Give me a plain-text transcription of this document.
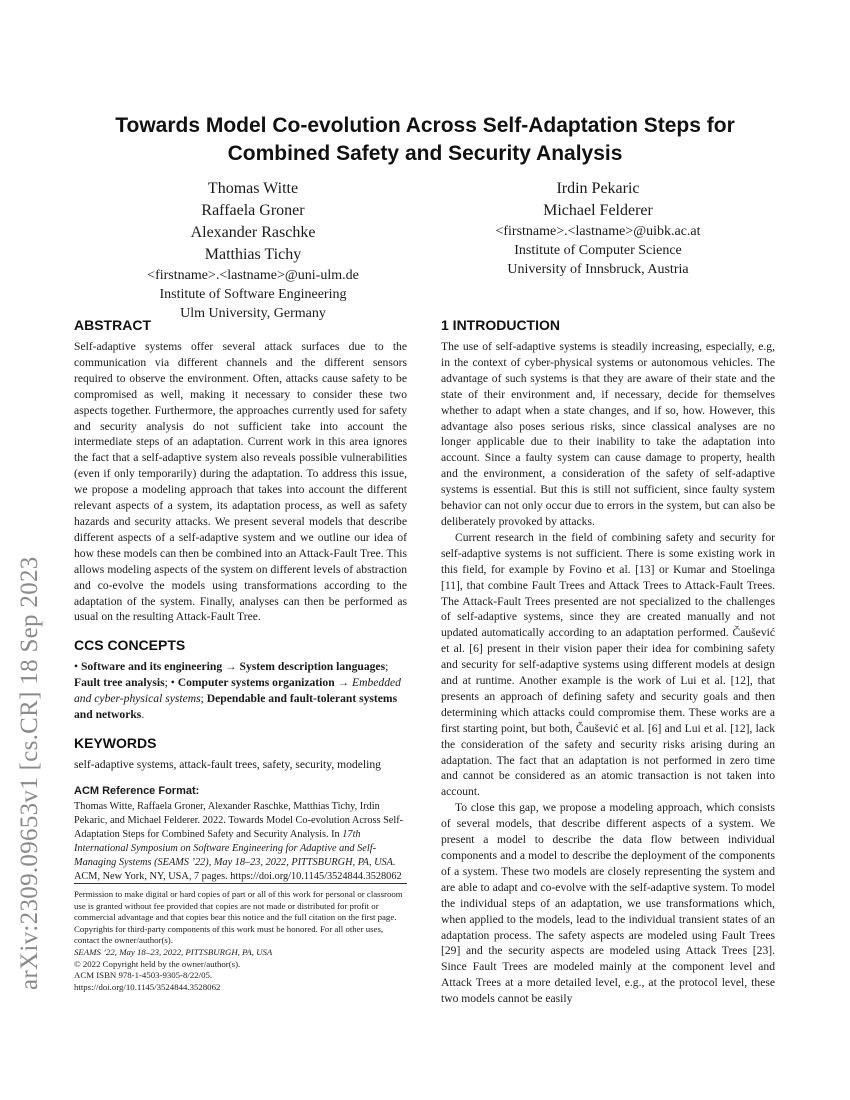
arXiv:2309.09653v1 [cs.CR] 18 Sep 2023
Towards Model Co-evolution Across Self-Adaptation Steps for Combined Safety and Security Analysis
Thomas Witte
Raffaela Groner
Alexander Raschke
Matthias Tichy
<firstname>.<lastname>@uni-ulm.de
Institute of Software Engineering
Ulm University, Germany
Irdin Pekaric
Michael Felderer
<firstname>.<lastname>@uibk.ac.at
Institute of Computer Science
University of Innsbruck, Austria
ABSTRACT

Self-adaptive systems offer several attack surfaces due to the communication via different channels and the different sensors required to observe the environment. Often, attacks cause safety to be compromised as well, making it necessary to consider these two aspects together. Furthermore, the approaches currently used for safety and security analysis do not sufficient take into account the intermediate steps of an adaptation. Current work in this area ignores the fact that a self-adaptive system also reveals possible vulnerabilities (even if only temporarily) during the adaptation. To address this issue, we propose a modeling approach that takes into account the different relevant aspects of a system, its adaptation process, as well as safety hazards and security attacks. We present several models that describe different aspects of a self-adaptive system and we outline our idea of how these models can then be combined into an Attack-Fault Tree. This allows modeling aspects of the system on different levels of abstraction and co-evolve the models using transformations according to the adaptation of the system. Finally, analyses can then be performed as usual on the resulting Attack-Fault Tree.

CCS CONCEPTS

• Software and its engineering → System description languages; Fault tree analysis; • Computer systems organization → Embedded and cyber-physical systems; Dependable and fault-tolerant systems and networks.

KEYWORDS

self-adaptive systems, attack-fault trees, safety, security, modeling

ACM Reference Format:

Thomas Witte, Raffaela Groner, Alexander Raschke, Matthias Tichy, Irdin Pekaric, and Michael Felderer. 2022. Towards Model Co-evolution Across Self-Adaptation Steps for Combined Safety and Security Analysis. In 17th International Symposium on Software Engineering for Adaptive and Self-Managing Systems (SEAMS ’22), May 18–23, 2022, PITTSBURGH, PA, USA. ACM, New York, NY, USA, 7 pages. https://doi.org/10.1145/3524844.3528062

Permission to make digital or hard copies of part or all of this work for personal or classroom use is granted without fee provided that copies are not made or distributed for profit or commercial advantage and that copies bear this notice and the full citation on the first page. Copyrights for third-party components of this work must be honored. For all other uses, contact the owner/author(s).

SEAMS ’22, May 18–23, 2022, PITTSBURGH, PA, USA

© 2022 Copyright held by the owner/author(s).

ACM ISBN 978-1-4503-9305-8/22/05.

https://doi.org/10.1145/3524844.3528062

1 INTRODUCTION

The use of self-adaptive systems is steadily increasing, especially, e.g, in the context of cyber-physical systems or autonomous vehicles. The advantage of such systems is that they are aware of their state and the state of their environment and, if necessary, decide for themselves whether to adapt when a state changes, and if so, how. However, this advantage also poses serious risks, since classical analyses are no longer applicable due to their inability to take the adaptation into account. Since a faulty system can cause damage to property, health and the environment, a consideration of the safety of self-adaptive systems is essential. But this is still not sufficient, since faulty system behavior can not only occur due to errors in the system, but can also be deliberately provoked by attacks.

Current research in the field of combining safety and security for self-adaptive systems is not sufficient. There is some existing work in this field, for example by Fovino et al. [13] or Kumar and Stoelinga [11], that combine Fault Trees and Attack Trees to Attack-Fault Trees. The Attack-Fault Trees presented are not specialized to the challenges of self-adaptive systems, since they are created manually and not updated automatically according to an adaptation performed. Čaušević et al. [6] present in their vision paper their idea for combining safety and security for self-adaptive systems using different models at design and at runtime. Another example is the work of Lui et al. [12], that presents an approach of defining safety and security goals and then determining which attacks could compromise them. These works are a first starting point, but both, Čaušević et al. [6] and Lui et al. [12], lack the consideration of the safety and security risks arising during an adaptation. The fact that an adaptation is not performed in zero time and cannot be considered as an atomic transaction is not taken into account.

To close this gap, we propose a modeling approach, which consists of several models, that describe different aspects of a system. We present a model to describe the data flow between individual components and a model to describe the deployment of the components of a system. These two models are closely representing the system and are able to adapt and co-evolve with the self-adaptive system. To model the individual steps of an adaptation, we use transformations which, when applied to the models, lead to the individual transient states of an adaptation process. The safety aspects are modeled using Fault Trees [29] and the security aspects are modeled using Attack Trees [23]. Since Fault Trees are modeled mainly at the component level and Attack Trees at a more detailed level, e.g., at the protocol level, these two models cannot be easily
